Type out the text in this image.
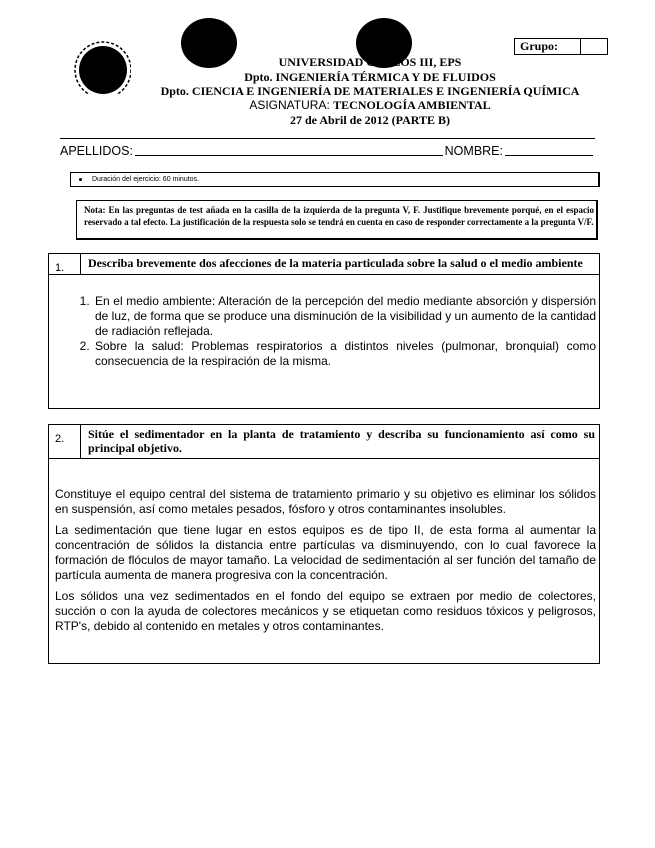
Grupo:
UNIVERSIDAD CARLOS III, EPS
Dpto. INGENIERÍA TÉRMICA Y DE FLUIDOS
Dpto. CIENCIA E INGENIERÍA DE MATERIALES E INGENIERÍA QUÍMICA
ASIGNATURA: TECNOLOGÍA AMBIENTAL
27 de Abril de 2012 (PARTE B)
APELLIDOS:	NOMBRE:
Duración del ejercicio: 60 minutos.
Nota: En las preguntas de test añada en la casilla de la izquierda de la pregunta V, F. Justifique brevemente porqué, en el espacio reservado a tal efecto. La justificación de la respuesta solo se tendrá en cuenta en caso de responder correctamente a la pregunta V/F.
1.	Describa brevemente dos afecciones de la materia particulada sobre la salud o el medio ambiente
1. En el medio ambiente: Alteración de la percepción del medio mediante absorción y dispersión de luz, de forma que se produce una disminución de la visibilidad y un aumento de la cantidad de radiación reflejada.
2. Sobre la salud: Problemas respiratorios a distintos niveles (pulmonar, bronquial) como consecuencia de la respiración de la misma.
2.	Sitúe el sedimentador en la planta de tratamiento y describa su funcionamiento así como su principal objetivo.

Constituye el equipo central del sistema de tratamiento primario y su objetivo es eliminar los sólidos en suspensión, así como metales pesados, fósforo y otros contaminantes insolubles.

La sedimentación que tiene lugar en estos equipos es de tipo II, de esta forma al aumentar la concentración de sólidos la distancia entre partículas va disminuyendo, con lo cual favorece la formación de flóculos de mayor tamaño. La velocidad de sedimentación al ser función del tamaño de partícula aumenta de manera progresiva con la concentración.

Los sólidos una vez sedimentados en el fondo del equipo se extraen por medio de colectores, succión o con la ayuda de colectores mecánicos y se etiquetan como residuos tóxicos y peligrosos, RTP's, debido al contenido en metales y otros contaminantes.
